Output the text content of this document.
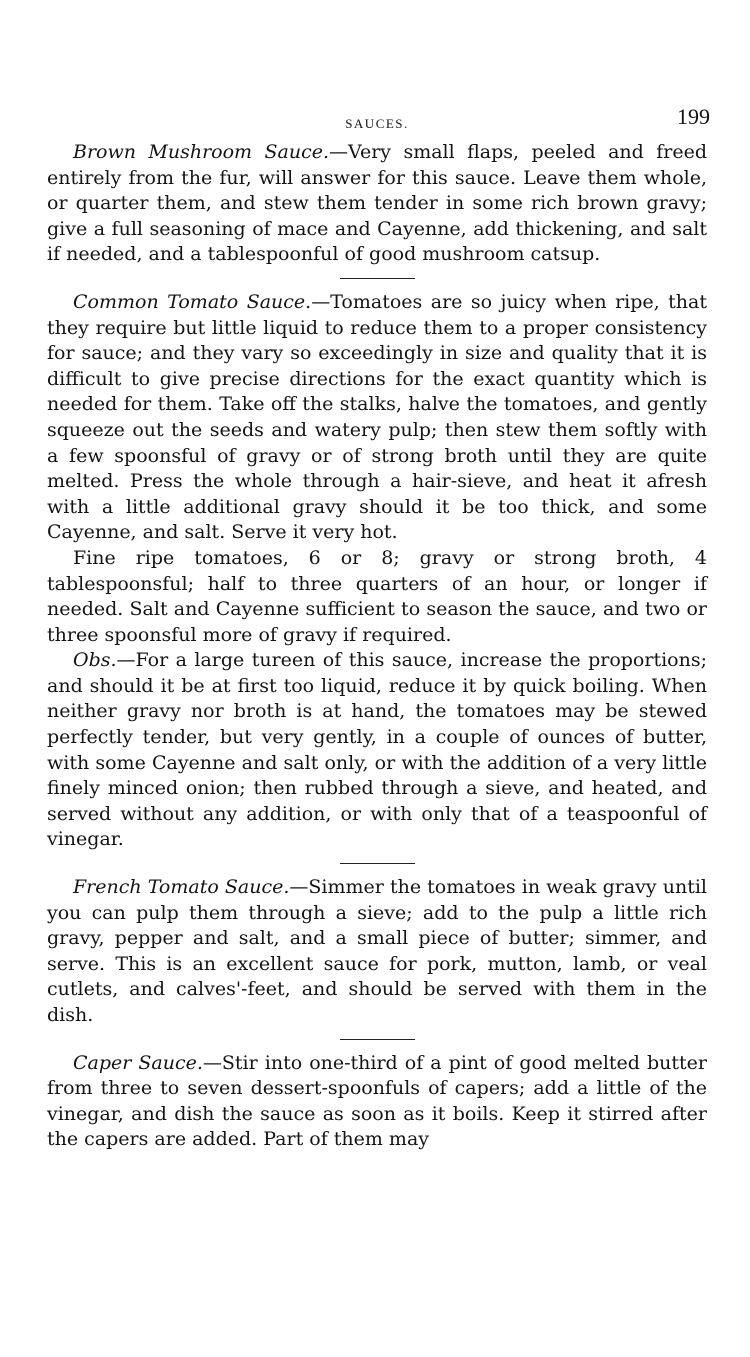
SAUCES.	199

Brown Mushroom Sauce.—Very small flaps, peeled and freed entirely from the fur, will answer for this sauce. Leave them whole, or quarter them, and stew them tender in some rich brown gravy; give a full seasoning of mace and Cayenne, add thickening, and salt if needed, and a tablespoonful of good mushroom catsup.

Common Tomato Sauce.—Tomatoes are so juicy when ripe, that they require but little liquid to reduce them to a proper consistency for sauce; and they vary so exceedingly in size and quality that it is difficult to give precise directions for the exact quantity which is needed for them. Take off the stalks, halve the tomatoes, and gently squeeze out the seeds and watery pulp; then stew them softly with a few spoonsful of gravy or of strong broth until they are quite melted. Press the whole through a hair-sieve, and heat it afresh with a little additional gravy should it be too thick, and some Cayenne, and salt. Serve it very hot.

Fine ripe tomatoes, 6 or 8; gravy or strong broth, 4 tablespoonsful; half to three quarters of an hour, or longer if needed. Salt and Cayenne sufficient to season the sauce, and two or three spoonsful more of gravy if required.

Obs.—For a large tureen of this sauce, increase the proportions; and should it be at first too liquid, reduce it by quick boiling. When neither gravy nor broth is at hand, the tomatoes may be stewed perfectly tender, but very gently, in a couple of ounces of butter, with some Cayenne and salt only, or with the addition of a very little finely minced onion; then rubbed through a sieve, and heated, and served without any addition, or with only that of a teaspoonful of vinegar.

French Tomato Sauce.—Simmer the tomatoes in weak gravy until you can pulp them through a sieve; add to the pulp a little rich gravy, pepper and salt, and a small piece of butter; simmer, and serve. This is an excellent sauce for pork, mutton, lamb, or veal cutlets, and calves'-feet, and should be served with them in the dish.

Caper Sauce.—Stir into one-third of a pint of good melted butter from three to seven dessert-spoonfuls of capers; add a little of the vinegar, and dish the sauce as soon as it boils. Keep it stirred after the capers are added. Part of them may
